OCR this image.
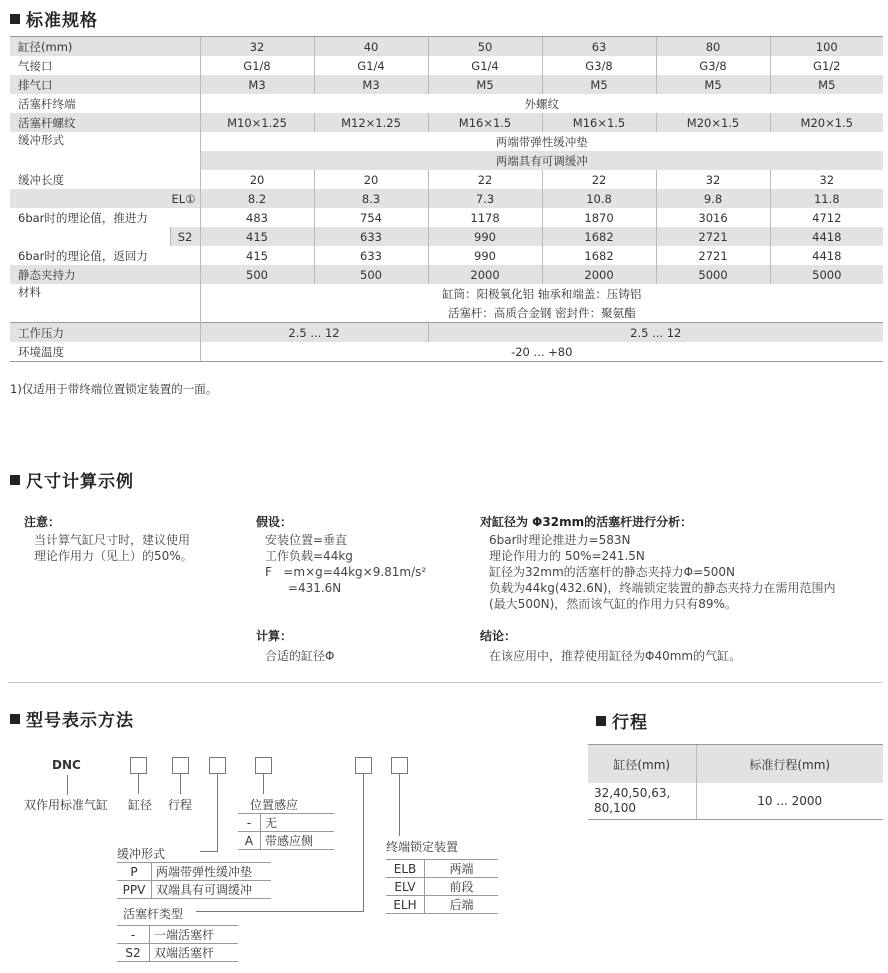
标准规格
缸径(mm)		32	40	50	63	80	100
气接口		G1/8	G1/4	G1/4	G3/8	G3/8	G1/2
排气口		M3	M3	M5	M5	M5	M5
活塞杆终端		外螺纹					
活塞杆螺纹		M10×1.25	M12×1.25	M16×1.5	M16×1.5	M20×1.5	M20×1.5
缓冲形式		两端带弹性缓冲垫					
		两端具有可调缓冲					
缓冲长度		20	20	22	22	32	32
EL①		8.2	8.3	7.3	10.8	9.8	11.8
6bar时的理论值，推进力		483	754	1178	1870	3016	4712
	S2	415	633	990	1682	2721	4418
6bar时的理论值，返回力		415	633	990	1682	2721	4418
静态夹持力		500	500	2000	2000	5000	5000
材料		缸筒：阳极氧化铝 轴承和端盖：压铸铝					
		活塞杆：高质合金钢 密封件：聚氨酯					
工作压力		2.5 ... 12		2.5 ... 12			
环境温度		-20 ... +80					
1)仅适用于带终端位置锁定装置的一面。
尺寸计算示例
注意：
当计算气缸尺寸时，建议使用
理论作用力（见上）的50%。
假设：
安装位置=垂直
工作负载=44kg
F   =m×g=44kg×9.81m/s²
=431.6N
计算：
合适的缸径Φ
对缸径为 Φ32mm的活塞杆进行分析：
6bar时理论推进力=583N
理论作用力的 50%=241.5N
缸径为32mm的活塞杆的静态夹持力Φ=500N
负载为44kg(432.6N)，终端锁定装置的静态夹持力在需用范围内
(最大500N)，然而该气缸的作用力只有89%。
结论：
在该应用中，推荐使用缸径为Φ40mm的气缸。
型号表示方法
DNC
双作用标准气缸 缸径 行程	位置感应
-	无
A	带感应侧
缓冲形式
P	两端带弹性缓冲垫
PPV	双端具有可调缓冲
活塞杆类型
-	一端活塞杆
S2	双端活塞杆
终端锁定装置
ELB	两端
ELV	前段
ELH	后端
行程
缸径(mm)	标准行程(mm)
32,40,50,63,
80,100	10 ... 2000
